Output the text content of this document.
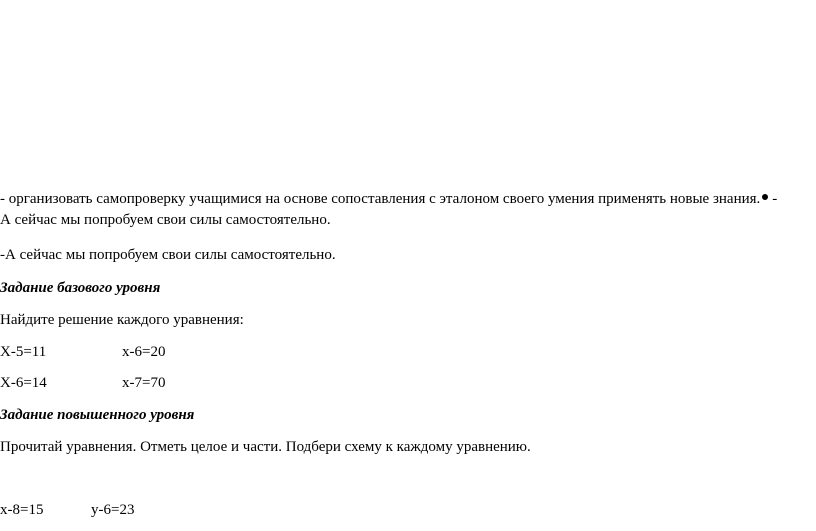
- организовать самопроверку учащимися на основе сопоставления с эталоном своего умения применять новые знания. -
А сейчас мы попробуем свои силы самостоятельно.
-А сейчас мы попробуем свои силы самостоятельно.
Задание базового уровня
Найдите решение каждого уравнения:
X-5=11	x-6=20
X-6=14	x-7=70
Задание повышенного уровня
Прочитай уравнения. Отметь целое и части. Подбери схему к каждому уравнению.
x-8=15	y-6=23
